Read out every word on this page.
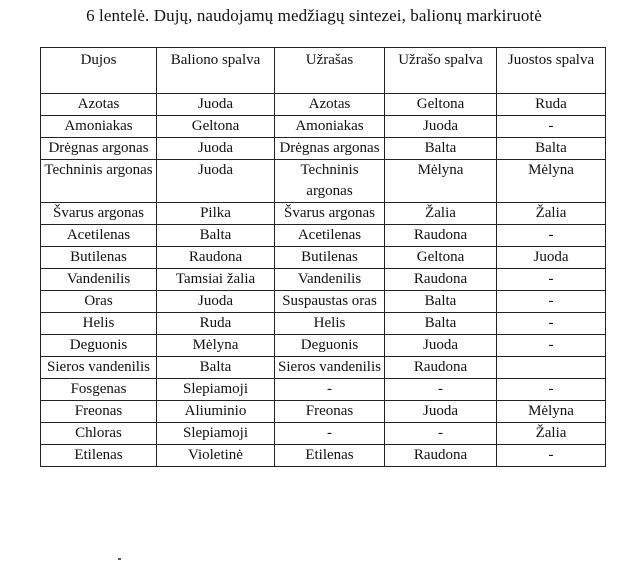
6 lentelė. Dujų, naudojamų medžiagų sintezei, balionų markiruotė
Dujos	Baliono spalva	Užrašas	Užrašo spalva	Juostos spalva
Azotas	Juoda	Azotas	Geltona	Ruda
Amoniakas	Geltona	Amoniakas	Juoda	-
Drėgnas argonas	Juoda	Drėgnas argonas	Balta	Balta
Techninis argonas	Juoda	Techninis argonas	Mėlyna	Mėlyna
Švarus argonas	Pilka	Švarus argonas	Žalia	Žalia
Acetilenas	Balta	Acetilenas	Raudona	-
Butilenas	Raudona	Butilenas	Geltona	Juoda
Vandenilis	Tamsiai žalia	Vandenilis	Raudona	-
Oras	Juoda	Suspaustas oras	Balta	-
Helis	Ruda	Helis	Balta	-
Deguonis	Mėlyna	Deguonis	Juoda	-
Sieros vandenilis	Balta	Sieros vandenilis	Raudona	
Fosgenas	Slepiamoji	-	-	-
Freonas	Aliuminio	Freonas	Juoda	Mėlyna
Chloras	Slepiamoji	-	-	Žalia
Etilenas	Violetinė	Etilenas	Raudona	-
